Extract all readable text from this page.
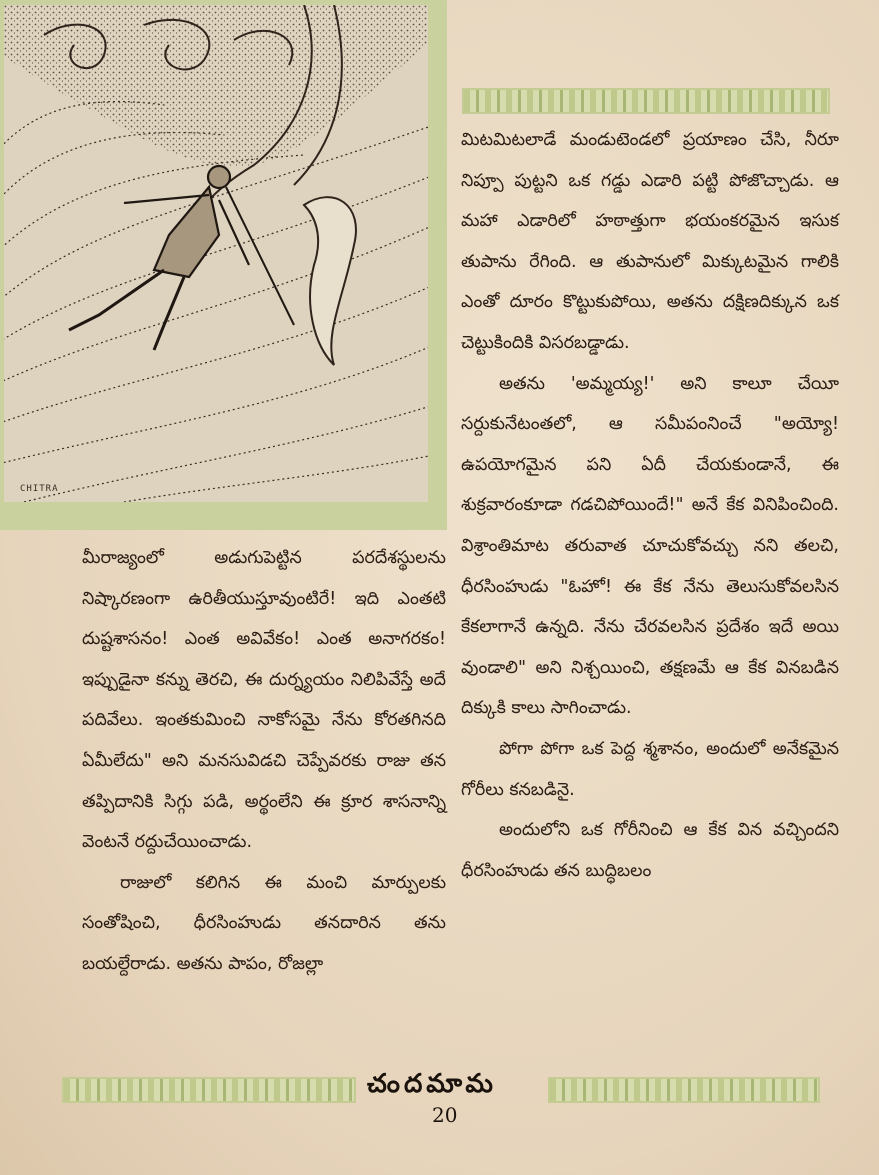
CHITRA

మిటమిటలాడే మండుటెండలో ప్రయాణం చేసి, నీరూ నిప్పూ పుట్టని ఒక గడ్డు ఎడారి పట్టి పోజొచ్చాడు. ఆ మహా ఎడారిలో హఠాత్తుగా భయంకరమైన ఇసుక తుపాను రేగింది. ఆ తుపానులో మిక్కుటమైన గాలికి ఎంతో దూరం కొట్టుకుపోయి, అతను దక్షిణదిక్కున ఒక చెట్టుకిందికి విసరబడ్డాడు.

అతను 'అమ్మయ్య!' అని కాలూ చేయీ సర్దుకునేటంతలో, ఆ సమీపంనించే "అయ్యో! ఉపయోగమైన పని ఏదీ చేయకుండానే, ఈ శుక్రవారంకూడా గడచిపోయిందే!" అనే కేక వినిపించింది. విశ్రాంతిమాట తరువాత చూచుకోవచ్చు నని తలచి, ధీరసింహుడు "ఓహో! ఈ కేక నేను తెలుసుకోవలసిన కేకలాగానే ఉన్నది. నేను చేరవలసిన ప్రదేశం ఇదే అయి వుండాలి" అని నిశ్చయించి, తక్షణమే ఆ కేక వినబడిన దిక్కుకి కాలు సాగించాడు.

పోగా పోగా ఒక పెద్ద శ్మశానం, అందులో అనేకమైన గోరీలు కనబడినై.

అందులోని ఒక గోరీనించి ఆ కేక విన వచ్చిందని ధీరసింహుడు తన బుద్ధిబలం

మీరాజ్యంలో అడుగుపెట్టిన పరదేశస్థులను నిష్కారణంగా ఉరితీయుస్తూవుంటిరే! ఇది ఎంతటి దుష్టశాసనం! ఎంత అవివేకం! ఎంత అనాగరకం! ఇప్పుడైనా కన్ను తెరచి, ఈ దుర్న్యయం నిలిపివేస్తే అదే పదివేలు. ఇంతకుమించి నాకోసమై నేను కోరతగినది ఏమీలేదు" అని మనసువిడచి చెప్పేవరకు రాజు తన తప్పిదానికి సిగ్గు పడి, అర్థంలేని ఈ క్రూర శాసనాన్ని వెంటనే రద్దుచేయించాడు.

రాజులో కలిగిన ఈ మంచి మార్పులకు సంతోషించి, ధీరసింహుడు తనదారిన తను బయల్దేరాడు. అతను పాపం, రోజల్లా

చందమామ
20
